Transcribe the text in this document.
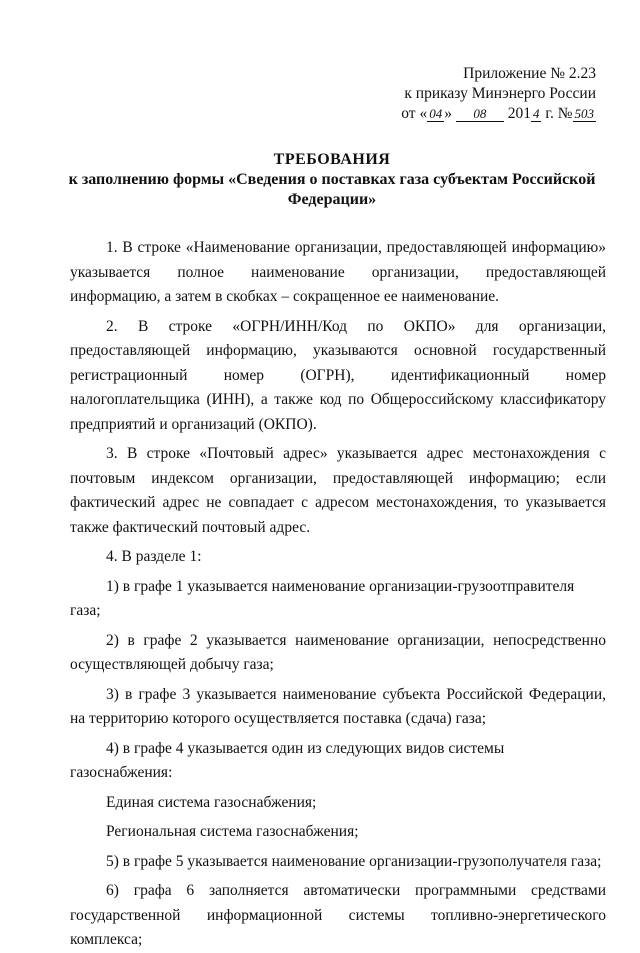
Приложение № 2.23
к приказу Минэнерго России
от « 04 » 08 201 4 г. № 503
ТРЕБОВАНИЯ
к заполнению формы «Сведения о поставках газа субъектам Российской Федерации»

1. В строке «Наименование организации, предоставляющей информацию» указывается полное наименование организации, предоставляющей информацию, а затем в скобках – сокращенное ее наименование.

2. В строке «ОГРН/ИНН/Код по ОКПО» для организации, предоставляющей информацию, указываются основной государственный регистрационный номер (ОГРН), идентификационный номер налогоплательщика (ИНН), а также код по Общероссийскому классификатору предприятий и организаций (ОКПО).

3. В строке «Почтовый адрес» указывается адрес местонахождения с почтовым индексом организации, предоставляющей информацию; если фактический адрес не совпадает с адресом местонахождения, то указывается также фактический почтовый адрес.

4. В разделе 1:

1) в графе 1 указывается наименование организации-грузоотправителя газа;

2) в графе 2 указывается наименование организации, непосредственно осуществляющей добычу газа;

3) в графе 3 указывается наименование субъекта Российской Федерации, на территорию которого осуществляется поставка (сдача) газа;

4) в графе 4 указывается один из следующих видов системы газоснабжения:

Единая система газоснабжения;

Региональная система газоснабжения;

5) в графе 5 указывается наименование организации-грузополучателя газа;

6) графа 6 заполняется автоматически программными средствами государственной информационной системы топливно-энергетического комплекса;
